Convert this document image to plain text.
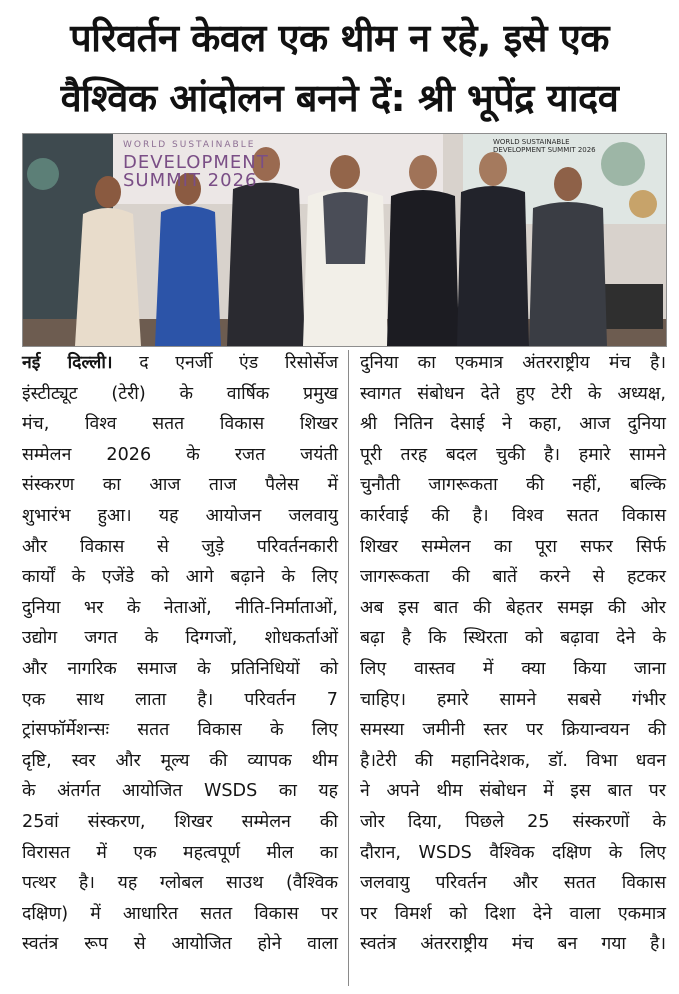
परिवर्तन केवल एक थीम न रहे, इसे एक
वैश्विक आंदोलन बनने दें: श्री भूपेंद्र यादव
WORLD SUSTAINABLE
DEVELOPMENT SUMMIT 2026
WORLD SUSTAINABLE DEVELOPMENT SUMMIT 2026
नई दिल्ली। द एनर्जी एंड रिसोर्सेज
इंस्टीट्यूट (टेरी) के वार्षिक प्रमुख
मंच, विश्व सतत विकास शिखर
सम्मेलन 2026 के रजत जयंती
संस्करण का आज ताज पैलेस में
शुभारंभ हुआ। यह आयोजन जलवायु
और विकास से जुड़े परिवर्तनकारी
कार्यों के एजेंडे को आगे बढ़ाने के लिए
दुनिया भर के नेताओं, नीति-निर्माताओं,
उद्योग जगत के दिग्गजों, शोधकर्ताओं
और नागरिक समाज के प्रतिनिधियों को
एक साथ लाता है। परिवर्तन 7
ट्रांसफॉर्मेशन्सः सतत विकास के लिए
दृष्टि, स्वर और मूल्य की व्यापक थीम
के अंतर्गत आयोजित WSDS का यह
25वां संस्करण, शिखर सम्मेलन की
विरासत में एक महत्वपूर्ण मील का
पत्थर है। यह ग्लोबल साउथ (वैश्विक
दक्षिण) में आधारित सतत विकास पर
स्वतंत्र रूप से आयोजित होने वाला
दुनिया का एकमात्र अंतरराष्ट्रीय मंच है।
स्वागत संबोधन देते हुए टेरी के अध्यक्ष,
श्री नितिन देसाई ने कहा, आज दुनिया
पूरी तरह बदल चुकी है। हमारे सामने
चुनौती जागरूकता की नहीं, बल्कि
कार्रवाई की है। विश्व सतत विकास
शिखर सम्मेलन का पूरा सफर सिर्फ
जागरूकता की बातें करने से हटकर
अब इस बात की बेहतर समझ की ओर
बढ़ा है कि स्थिरता को बढ़ावा देने के
लिए वास्तव में क्या किया जाना
चाहिए। हमारे सामने सबसे गंभीर
समस्या जमीनी स्तर पर क्रियान्वयन की
है।टेरी की महानिदेशक, डॉ. विभा धवन
ने अपने थीम संबोधन में इस बात पर
जोर दिया, पिछले 25 संस्करणों के
दौरान, WSDS वैश्विक दक्षिण के लिए
जलवायु परिवर्तन और सतत विकास
पर विमर्श को दिशा देने वाला एकमात्र
स्वतंत्र अंतरराष्ट्रीय मंच बन गया है।
